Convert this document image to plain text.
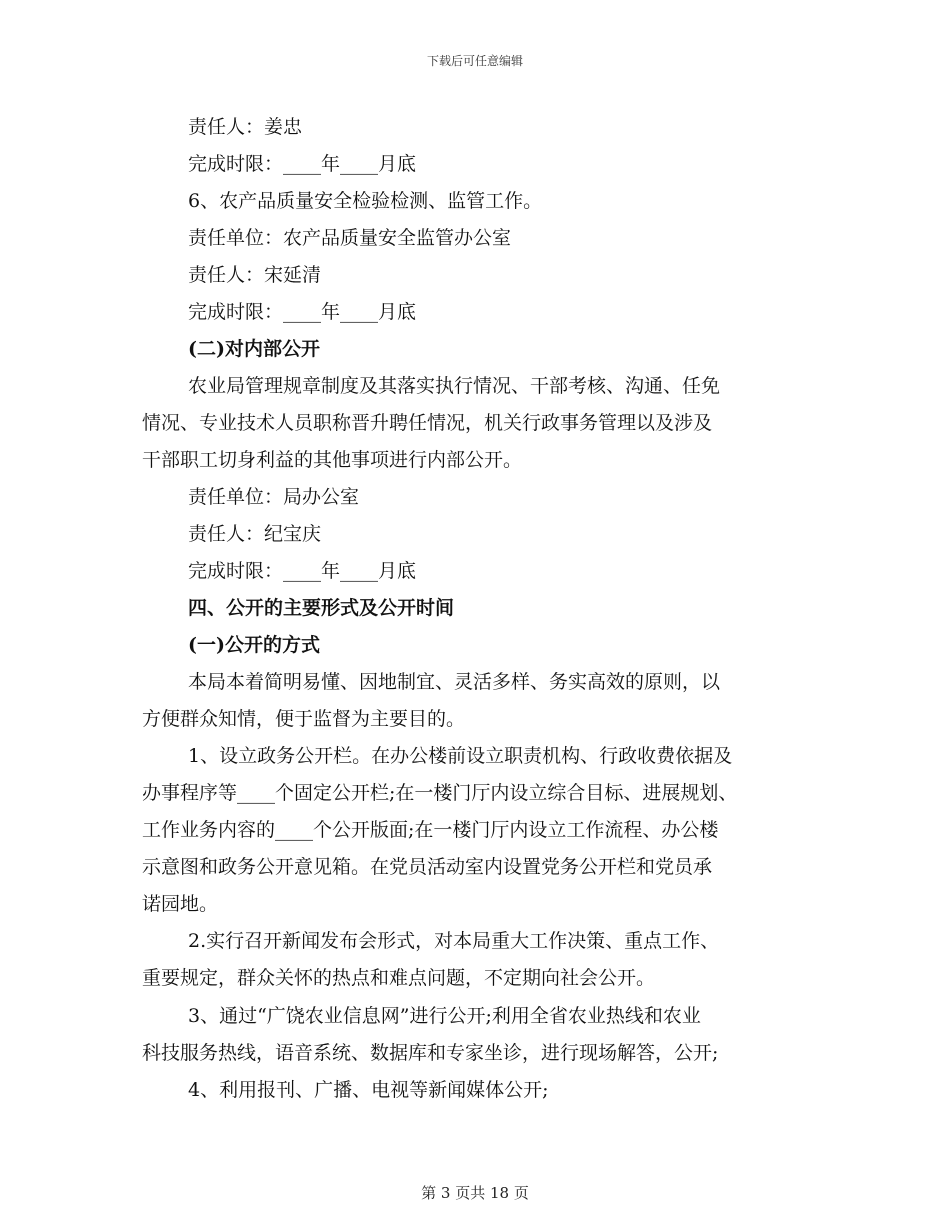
下载后可任意编辑
责任人：姜忠
完成时限：____年____月底
6、农产品质量安全检验检测、监管工作。
责任单位：农产品质量安全监管办公室
责任人：宋延清
完成时限：____年____月底
(二)对内部公开
农业局管理规章制度及其落实执行情况、干部考核、沟通、任免
情况、专业技术人员职称晋升聘任情况，机关行政事务管理以及涉及
干部职工切身利益的其他事项进行内部公开。
责任单位：局办公室
责任人：纪宝庆
完成时限：____年____月底
四、公开的主要形式及公开时间
(一)公开的方式
本局本着简明易懂、因地制宜、灵活多样、务实高效的原则，以
方便群众知情，便于监督为主要目的。
1、设立政务公开栏。在办公楼前设立职责机构、行政收费依据及
办事程序等____个固定公开栏;在一楼门厅内设立综合目标、进展规划、
工作业务内容的____个公开版面;在一楼门厅内设立工作流程、办公楼
示意图和政务公开意见箱。在党员活动室内设置党务公开栏和党员承
诺园地。
2.实行召开新闻发布会形式，对本局重大工作决策、重点工作、
重要规定，群众关怀的热点和难点问题，不定期向社会公开。
3、通过“广饶农业信息网”进行公开;利用全省农业热线和农业
科技服务热线，语音系统、数据库和专家坐诊，进行现场解答，公开;
4、利用报刊、广播、电视等新闻媒体公开;
第 3 页共 18 页
